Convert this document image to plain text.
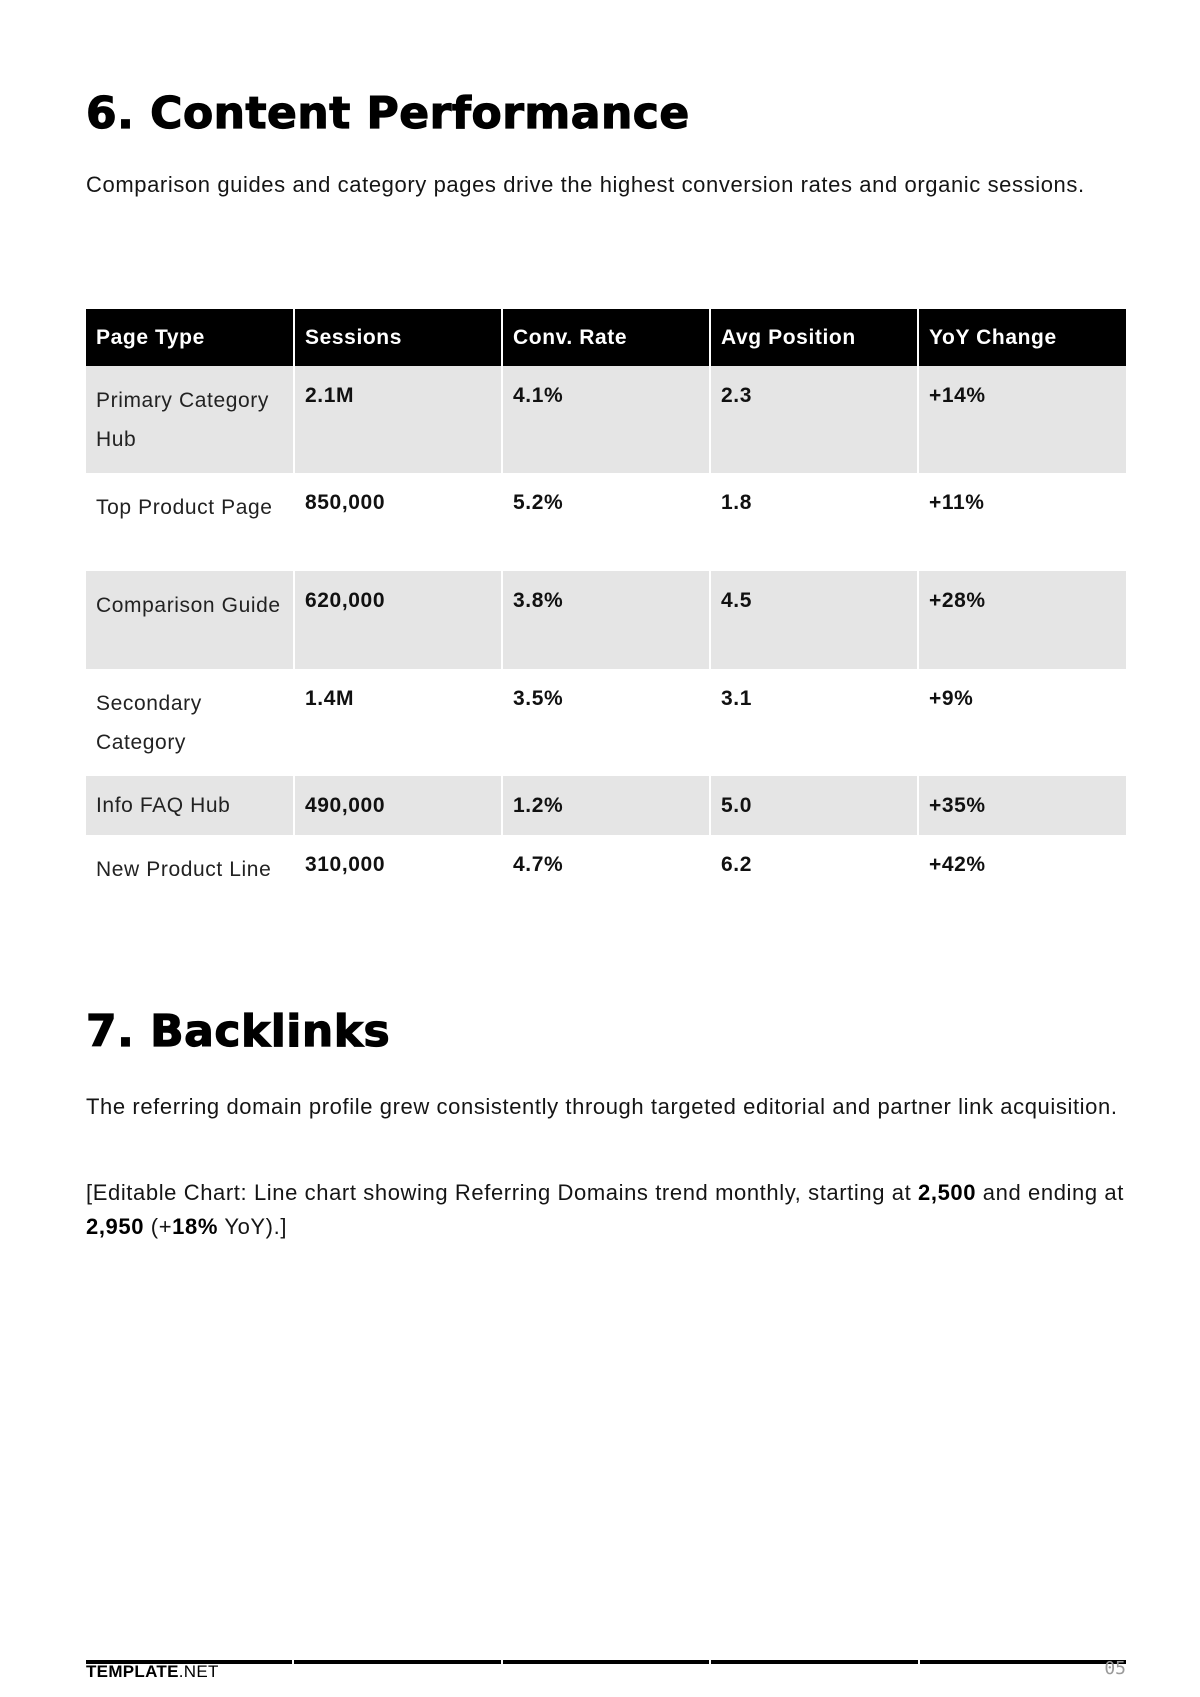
6. Content Performance

Comparison guides and category pages drive the highest conversion rates and organic sessions.

Page Type	Sessions	Conv. Rate	Avg Position	YoY Change
Primary Category Hub	2.1M	4.1%	2.3	+14%
Top Product Page	850,000	5.2%	1.8	+11%
Comparison Guide	620,000	3.8%	4.5	+28%
Secondary Category	1.4M	3.5%	3.1	+9%
Info FAQ Hub	490,000	1.2%	5.0	+35%
New Product Line	310,000	4.7%	6.2	+42%
7. Backlinks

The referring domain profile grew consistently through targeted editorial and partner link acquisition.

[Editable Chart: Line chart showing Referring Domains trend monthly, starting at 2,500 and ending at 2,950 (+18% YoY).]

TEMPLATE.NET	05
